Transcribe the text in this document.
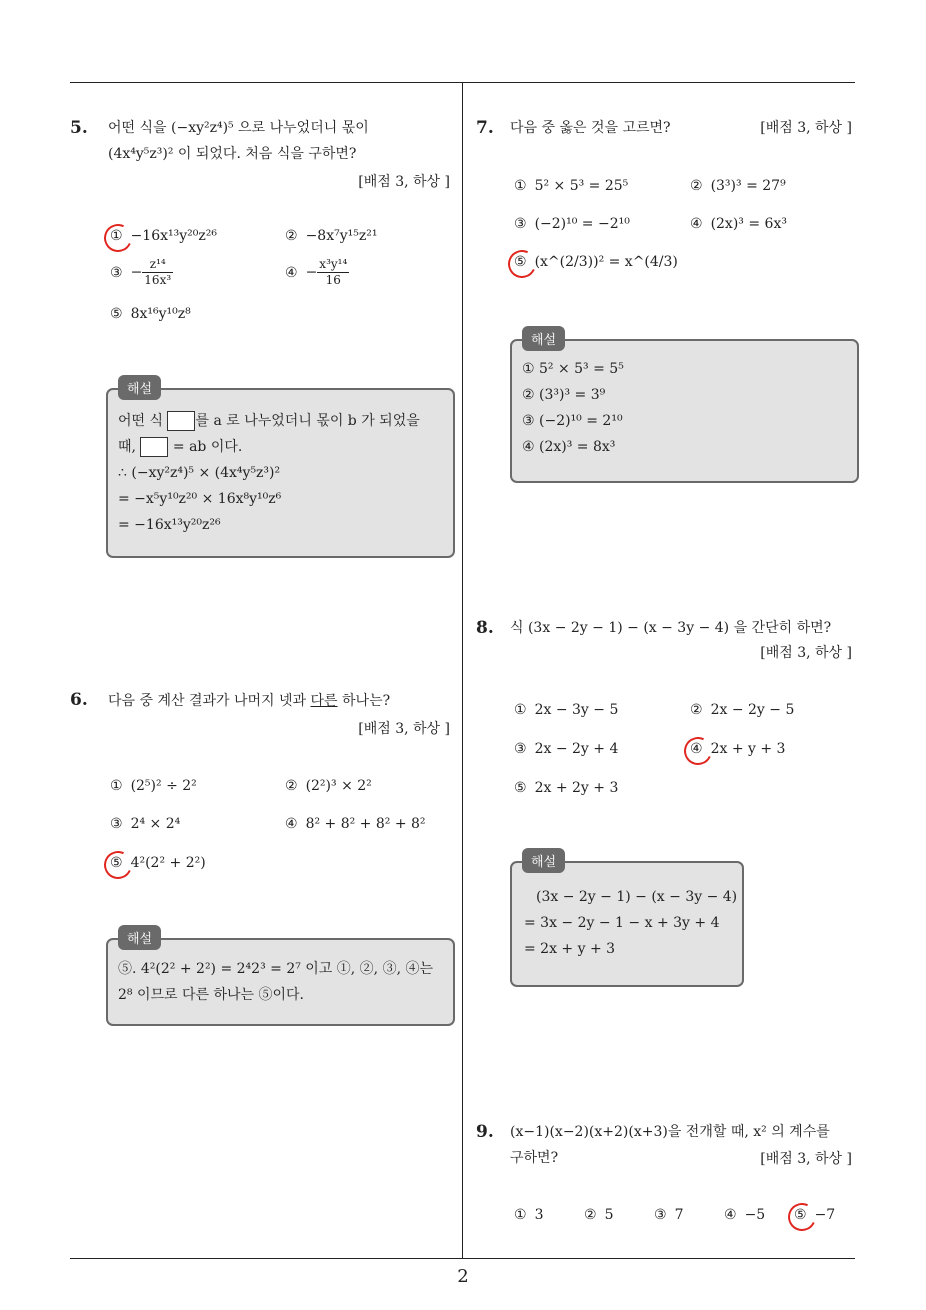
5. 어떤 식을 (−xy²z⁴)⁵ 으로 나누었더니 몫이
(4x⁴y⁵z³)² 이 되었다. 처음 식을 구하면?
[배점 3, 하상 ]
① −16x¹³y²⁰z²⁶	② −8x⁷y¹⁵z²¹
③ − $\frac{\text{z¹⁴}}{\text{16x³}}$	④ − $\frac{\text{x³y¹⁴}}{16}$
⑤ 8x¹⁶y¹⁰z⁸
해설
어떤 식 를 a 로 나누었더니 몫이 b 가 되었을
때,	= ab 이다.
∴ (−xy²z⁴)⁵ × (4x⁴y⁵z³)²
= −x⁵y¹⁰z²⁰ × 16x⁸y¹⁰z⁶
= −16x¹³y²⁰z²⁶
6. 다음 중 계산 결과가 나머지 넷과 다른 하나는?
[배점 3, 하상 ]
① (2⁵)² ÷ 2²	② (2²)³ × 2²
③ 2⁴ × 2⁴	④ 8² + 8² + 8² + 8²
⑤ 4²(2² + 2²)
해설
⑤. 4²(2² + 2²) = 2⁴2³ = 2⁷ 이고 ①, ②, ③, ④는
2⁸ 이므로 다른 하나는 ⑤이다.
7. 다음 중 옳은 것을 고르면?	[배점 3, 하상 ]
① 5² × 5³ = 25⁵	② (3³)³ = 27⁹
③ (−2)¹⁰ = −2¹⁰	④ (2x)³ = 6x³
⑤ (x^(2/3))² = x^(4/3)
해설
① 5² × 5³ = 5⁵
② (3³)³ = 3⁹
③ (−2)¹⁰ = 2¹⁰
④ (2x)³ = 8x³
8. 식 (3x − 2y − 1) − (x − 3y − 4) 을 간단히 하면?
[배점 3, 하상 ]
① 2x − 3y − 5	② 2x − 2y − 5
③ 2x − 2y + 4	④ 2x + y + 3
⑤ 2x + 2y + 3
해설
(3x − 2y − 1) − (x − 3y − 4)
= 3x − 2y − 1 − x + 3y + 4
= 2x + y + 3
9. (x−1)(x−2)(x+2)(x+3)을 전개할 때, x² 의 계수를
구하면?	[배점 3, 하상 ]
① 3	② 5	③ 7	④ −5 ⑤ −7
2
